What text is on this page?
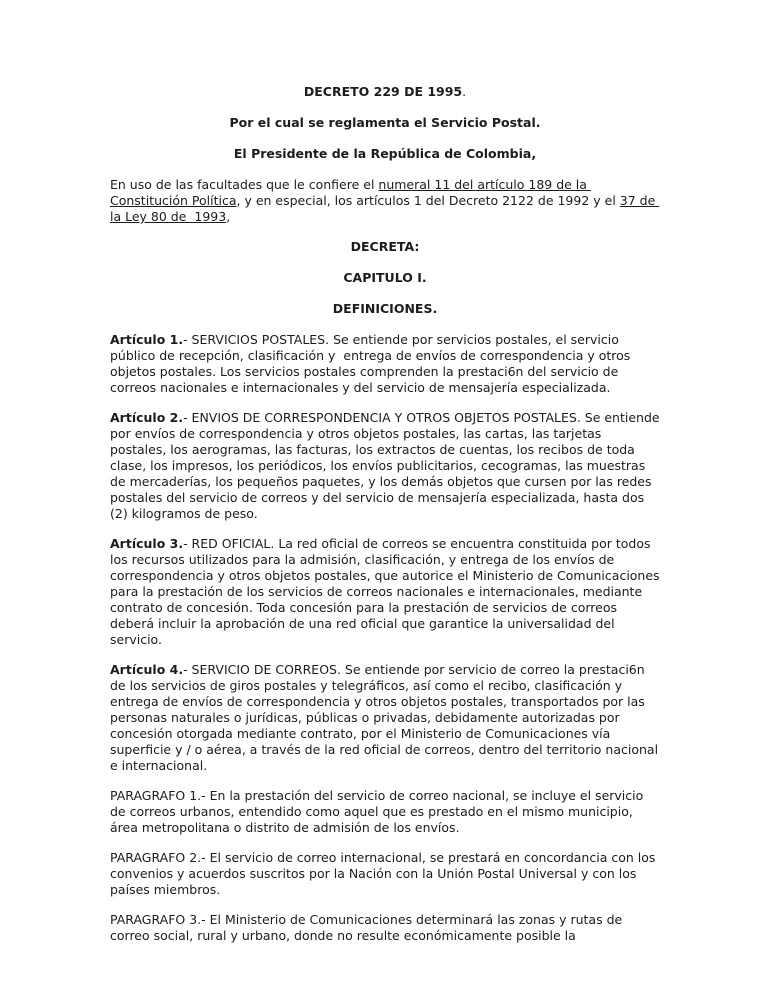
DECRETO 229 DE 1995.

Por el cual se reglamenta el Servicio Postal.

El Presidente de la República de Colombia,

En uso de las facultades que le confiere el numeral 11 del artículo 189 de la Constitución Política, y en especial, los artículos 1 del Decreto 2122 de 1992 y el 37 de la Ley 80 de  1993,

DECRETA:

CAPITULO I.

DEFINICIONES.

Artículo 1.- SERVICIOS POSTALES. Se entiende por servicios postales, el servicio público de recepción, clasificación y  entrega de envíos de correspondencia y otros objetos postales. Los servicios postales comprenden la prestaci6n del servicio de correos nacionales e internacionales y del servicio de mensajería especializada.

Artículo 2.- ENVIOS DE CORRESPONDENCIA Y OTROS OBJETOS POSTALES. Se entiende por envíos de correspondencia y otros objetos postales, las cartas, las tarjetas postales, los aerogramas, las facturas, los extractos de cuentas, los recibos de toda clase, los impresos, los periódicos, los envíos publicitarios, cecogramas, las muestras de mercaderías, los pequeños paquetes, y los demás objetos que cursen por las redes postales del servicio de correos y del servicio de mensajería especializada, hasta dos (2) kilogramos de peso.

Artículo 3.- RED OFICIAL. La red oficial de correos se encuentra constituida por todos los recursos utilizados para la admisión, clasificación, y entrega de los envíos de correspondencia y otros objetos postales, que autorice el Ministerio de Comunicaciones para la prestación de los servicios de correos nacionales e internacionales, mediante contrato de concesión. Toda concesión para la prestación de servicios de correos deberá incluir la aprobación de una red oficial que garantice la universalidad del servicio.

Artículo 4.- SERVICIO DE CORREOS. Se entiende por servicio de correo la prestaci6n de los servicios de giros postales y telegráficos, así como el recibo, clasificación y entrega de envíos de correspondencia y otros objetos postales, transportados por las personas naturales o jurídicas, públicas o privadas, debidamente autorizadas por concesión otorgada mediante contrato, por el Ministerio de Comunicaciones vía superficie y / o aérea, a través de la red oficial de correos, dentro del territorio nacional e internacional.

PARAGRAFO 1.- En la prestación del servicio de correo nacional, se incluye el servicio de correos urbanos, entendido como aquel que es prestado en el mismo municipio, área metropolitana o distrito de admisión de los envíos.

PARAGRAFO 2.- El servicio de correo internacional, se prestará en concordancia con los convenios y acuerdos suscritos por la Nación con la Unión Postal Universal y con los países miembros.

PARAGRAFO 3.- El Ministerio de Comunicaciones determinará las zonas y rutas de correo social, rural y urbano, donde no resulte económicamente posible la
